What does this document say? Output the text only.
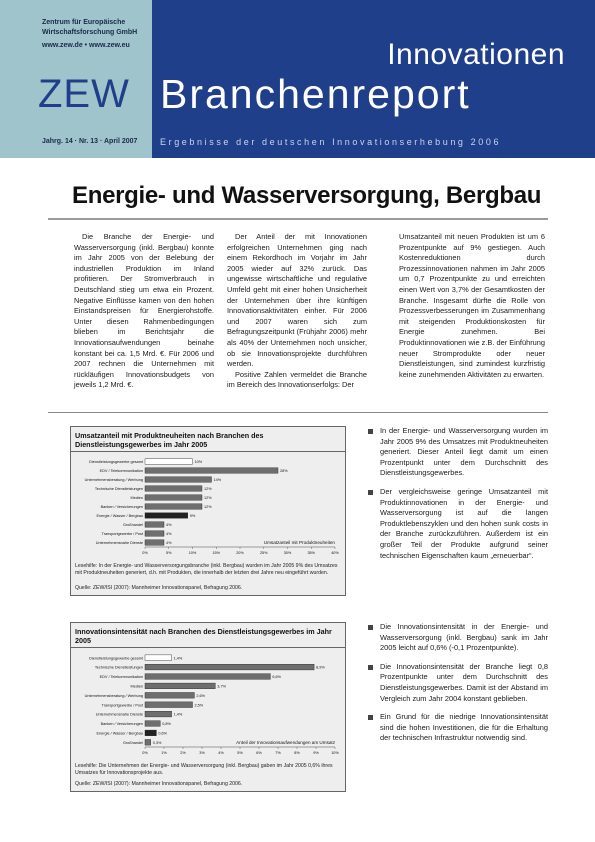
Zentrum für Europäische Wirtschaftsforschung GmbH
www.zew.de • www.zew.eu
ZEW
Innovationen
Branchenreport
Jahrg. 14 · Nr. 13 · April 2007	Ergebnisse der deutschen Innovationserhebung 2006
Energie- und Wasserversorgung, Bergbau

Die Branche der Energie- und Wasserversorgung (inkl. Bergbau) konnte im Jahr 2005 von der Belebung der industriellen Produktion im Inland profitieren. Der Stromverbrauch in Deutschland stieg um etwa ein Prozent. Negative Einflüsse kamen von den hohen Einstandspreisen für Energierohstoffe. Unter diesen Rahmenbedingungen blieben im Berichtsjahr die Innovationsaufwendungen beinahe konstant bei ca. 1,5 Mrd. €. Für 2006 und 2007 rechnen die Unternehmen mit rückläufigen Innovationsbudgets von jeweils 1,2 Mrd. €.

Der Anteil der mit Innovationen erfolgreichen Unternehmen ging nach einem Rekordhoch im Vorjahr im Jahr 2005 wieder auf 32% zurück. Das ungewisse wirtschaftliche und regulative Umfeld geht mit einer hohen Unsicherheit der Unternehmen über ihre künftigen Innovationsaktivitäten einher. Für 2006 und 2007 waren sich zum Befragungszeitpunkt (Frühjahr 2006) mehr als 40% der Unternehmen noch unsicher, ob sie Innovationsprojekte durchführen werden.

Positive Zahlen vermeldet die Branche im Bereich des Innovationserfolgs: Der

Umsatzanteil mit neuen Produkten ist um 6 Prozentpunkte auf 9% gestiegen. Auch Kostenreduktionen durch Prozessinnovationen nahmen im Jahr 2005 um 0,7 Prozentpunkte zu und erreichten einen Wert von 3,7% der Gesamtkosten der Branche. Insgesamt dürfte die Rolle von Prozessverbesserungen im Zusammenhang mit steigenden Produktionskosten für Energie zunehmen. Bei Produktinnovationen wie z.B. der Einführung neuer Stromprodukte oder neuer Dienstleistungen, sind zumindest kurzfristig keine zunehmenden Aktivitäten zu erwarten.

Umsatzanteil mit Produktneuheiten nach Branchen des Dienstleistungsgewerbes im Jahr 2005
Dienstleistungsgewerbe gesamt	10%
EDV / Telekommunikation	28%
Unternehmensberatung / Werbung	14%
Technische Dienstleistungen	12%
Medien	12%
Banken / Versicherungen	12%
Energie / Wasser / Bergbau	9%
Großhandel	4%
Transportgewerbe / Post	4%
Unternehmensnahe Dienste	4%
0%	5%	10%	15%	20%	25%	30%	35%	40%
Umsatzanteil mit Produktneuheiten
Lesehilfe: In der Energie- und Wasserversorgungsbranche (inkl. Bergbau) wurden im Jahr 2005 9% des Umsatzes mit Produktneuheiten generiert, d.h. mit Produkten, die innerhalb der letzten drei Jahre neu eingeführt wurden.
Quelle: ZEW/ISI (2007): Mannheimer Innovationspanel, Befragung 2006.
In der Energie- und Wasserversorgung wurden im Jahr 2005 9% des Umsatzes mit Produktneuheiten generiert. Dieser Anteil liegt damit um einen Prozentpunkt unter dem Durchschnitt des Dienstleistungsgewerbes.
Der vergleichsweise geringe Umsatzanteil mit Produktinnovationen in der Energie- und Wasserversorgung ist auf die langen Produktlebenszyklen und den hohen sunk costs in der Branche zurückzuführen. Außerdem ist ein großer Teil der Produkte aufgrund seiner technischen Eigenschaften kaum „erneuerbar“.
Innovationsintensität nach Branchen des Dienstleistungsgewerbes im Jahr 2005
Dienstleistungsgewerbe gesamt	1,4%
Technische Dienstleistungen	8,9%
EDV / Telekommunikation	6,6%
Medien	3,7%
Unternehmensberatung / Werbung	2,6%
Transportgewerbe / Post	2,5%
Unternehmensnahe Dienste	1,4%
Banken / Versicherungen	0,8%
Energie / Wasser / Bergbau	0,6%
Großhandel	0,3%
0%	1%	2%	3%	4%	5%	6%	7%	8%	9%	10%
Anteil der Innovationsaufwendungen am Umsatz
Lesehilfe: Die Unternehmen der Energie- und Wasserversorgung (inkl. Bergbau) gaben im Jahr 2005 0,6% ihres Umsatzes für Innovationsprojekte aus.
Quelle: ZEW/ISI (2007): Mannheimer Innovationspanel, Befragung 2006.
Die Innovationsintensität in der Energie- und Wasserversorgung (inkl. Bergbau) sank im Jahr 2005 leicht auf 0,6% (-0,1 Prozentpunkte).
Die Innovationsintensität der Branche liegt 0,8 Prozentpunkte unter dem Durchschnitt des Dienstleistungsgewerbes. Damit ist der Abstand im Vergleich zum Jahr 2004 konstant geblieben.
Ein Grund für die niedrige Innovationsintensität sind die hohen Investitionen, die für die Erhaltung der technischen Infrastruktur notwendig sind.
